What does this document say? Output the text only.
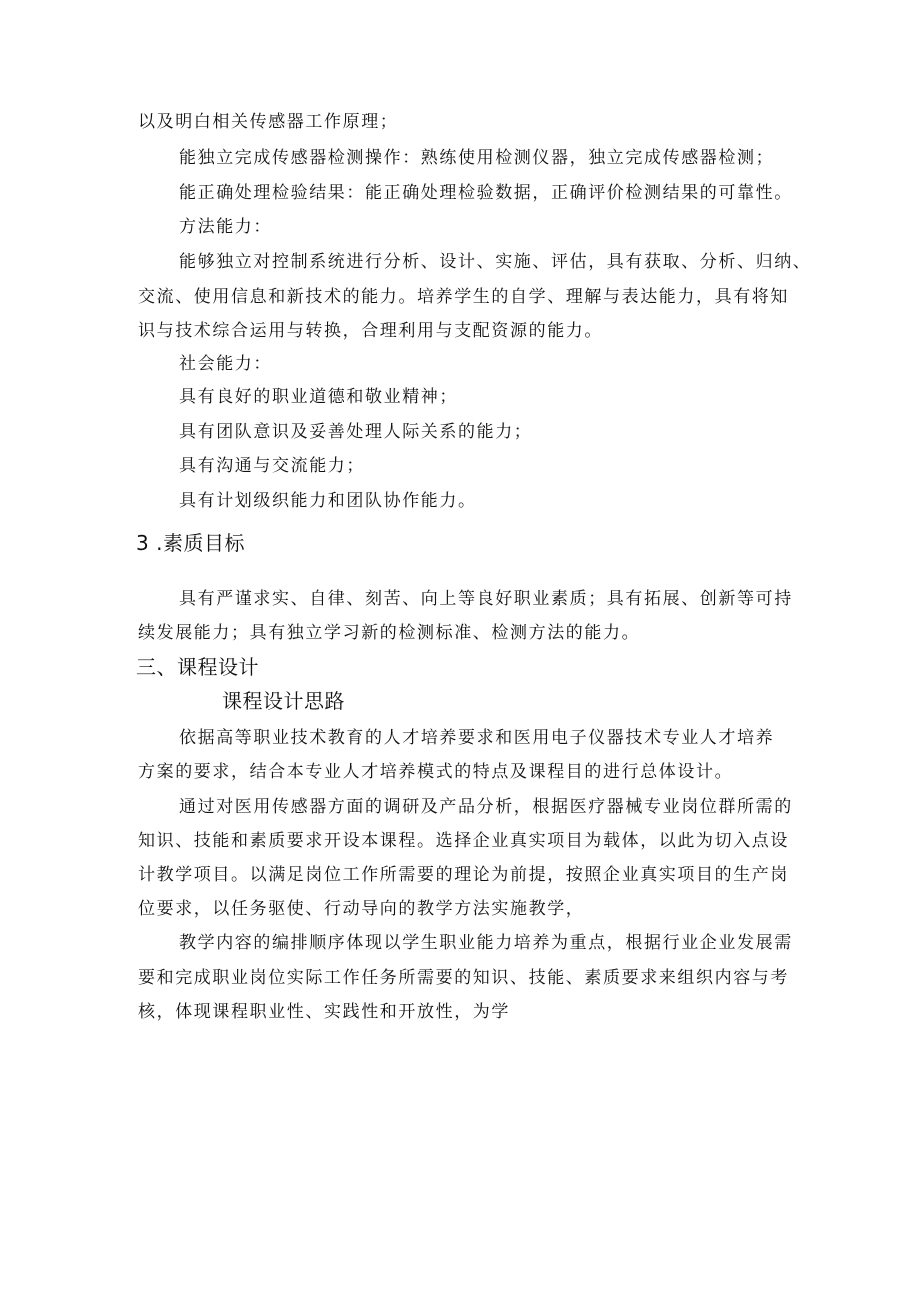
以及明白相关传感器工作原理；
能独立完成传感器检测操作：熟练使用检测仪器，独立完成传感器检测；
能正确处理检验结果：能正确处理检验数据，正确评价检测结果的可靠性。
方法能力：
能够独立对控制系统进行分析、设计、实施、评估，具有获取、分析、归纳、
交流、使用信息和新技术的能力。培养学生的自学、理解与表达能力，具有将知
识与技术综合运用与转换，合理利用与支配资源的能力。
社会能力：
具有良好的职业道德和敬业精神；
具有团队意识及妥善处理人际关系的能力；
具有沟通与交流能力；
具有计划级织能力和团队协作能力。
3 .素质目标
具有严谨求实、自律、刻苦、向上等良好职业素质；具有拓展、创新等可持
续发展能力；具有独立学习新的检测标准、检测方法的能力。
三、课程设计
课程设计思路
依据高等职业技术教育的人才培养要求和医用电子仪器技术专业人才培养
方案的要求，结合本专业人才培养模式的特点及课程目的进行总体设计。
通过对医用传感器方面的调研及产品分析，根据医疗器械专业岗位群所需的
知识、技能和素质要求开设本课程。选择企业真实项目为载体，以此为切入点设
计教学项目。以满足岗位工作所需要的理论为前提，按照企业真实项目的生产岗
位要求，以任务驱使、行动导向的教学方法实施教学，
教学内容的编排顺序体现以学生职业能力培养为重点，根据行业企业发展需
要和完成职业岗位实际工作任务所需要的知识、技能、素质要求来组织内容与考
核，体现课程职业性、实践性和开放性，为学
